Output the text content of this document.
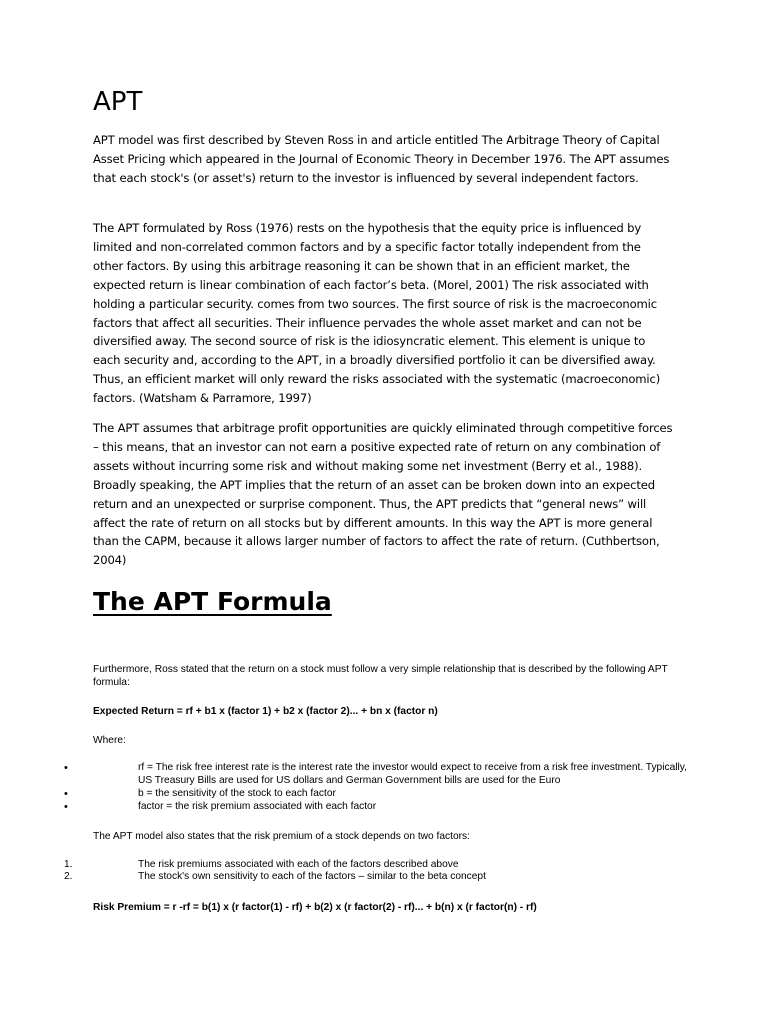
APT

APT model was first described by Steven Ross in and article entitled The Arbitrage Theory of Capital Asset Pricing which appeared in the Journal of Economic Theory in December 1976. The APT assumes that each stock's (or asset's) return to the investor is influenced by several independent factors.

The APT formulated by Ross (1976) rests on the hypothesis that the equity price is influenced by limited and non-correlated common factors and by a specific factor totally independent from the other factors. By using this arbitrage reasoning it can be shown that in an efficient market, the expected return is linear combination of each factor’s beta. (Morel, 2001) The risk associated with holding a particular security. comes from two sources. The first source of risk is the macroeconomic factors that affect all securities. Their influence pervades the whole asset market and can not be diversified away. The second source of risk is the idiosyncratic element. This element is unique to each security and, according to the APT, in a broadly diversified portfolio it can be diversified away. Thus, an efficient market will only reward the risks associated with the systematic (macroeconomic) factors. (Watsham & Parramore, 1997)

The APT assumes that arbitrage profit opportunities are quickly eliminated through competitive forces – this means, that an investor can not earn a positive expected rate of return on any combination of assets without incurring some risk and without making some net investment (Berry et al., 1988). Broadly speaking, the APT implies that the return of an asset can be broken down into an expected return and an unexpected or surprise component. Thus, the APT predicts that “general news” will affect the rate of return on all stocks but by different amounts. In this way the APT is more general than the CAPM, because it allows larger number of factors to affect the rate of return. (Cuthbertson, 2004)

The APT Formula

Furthermore, Ross stated that the return on a stock must follow a very simple relationship that is described by the following APT formula:

Expected Return = rf + b1 x (factor 1) + b2 x (factor 2)... + bn x (factor n)

Where:

•	rf = The risk free interest rate is the interest rate the investor would expect to receive from a risk free investment. Typically, US Treasury Bills are used for US dollars and German Government bills are used for the Euro
•	b = the sensitivity of the stock to each factor
•	factor = the risk premium associated with each factor

The APT model also states that the risk premium of a stock depends on two factors:

1.	The risk premiums associated with each of the factors described above
2.	The stock's own sensitivity to each of the factors – similar to the beta concept

Risk Premium = r -rf = b(1) x (r factor(1) - rf) + b(2) x (r factor(2) - rf)... + b(n) x (r factor(n) - rf)
